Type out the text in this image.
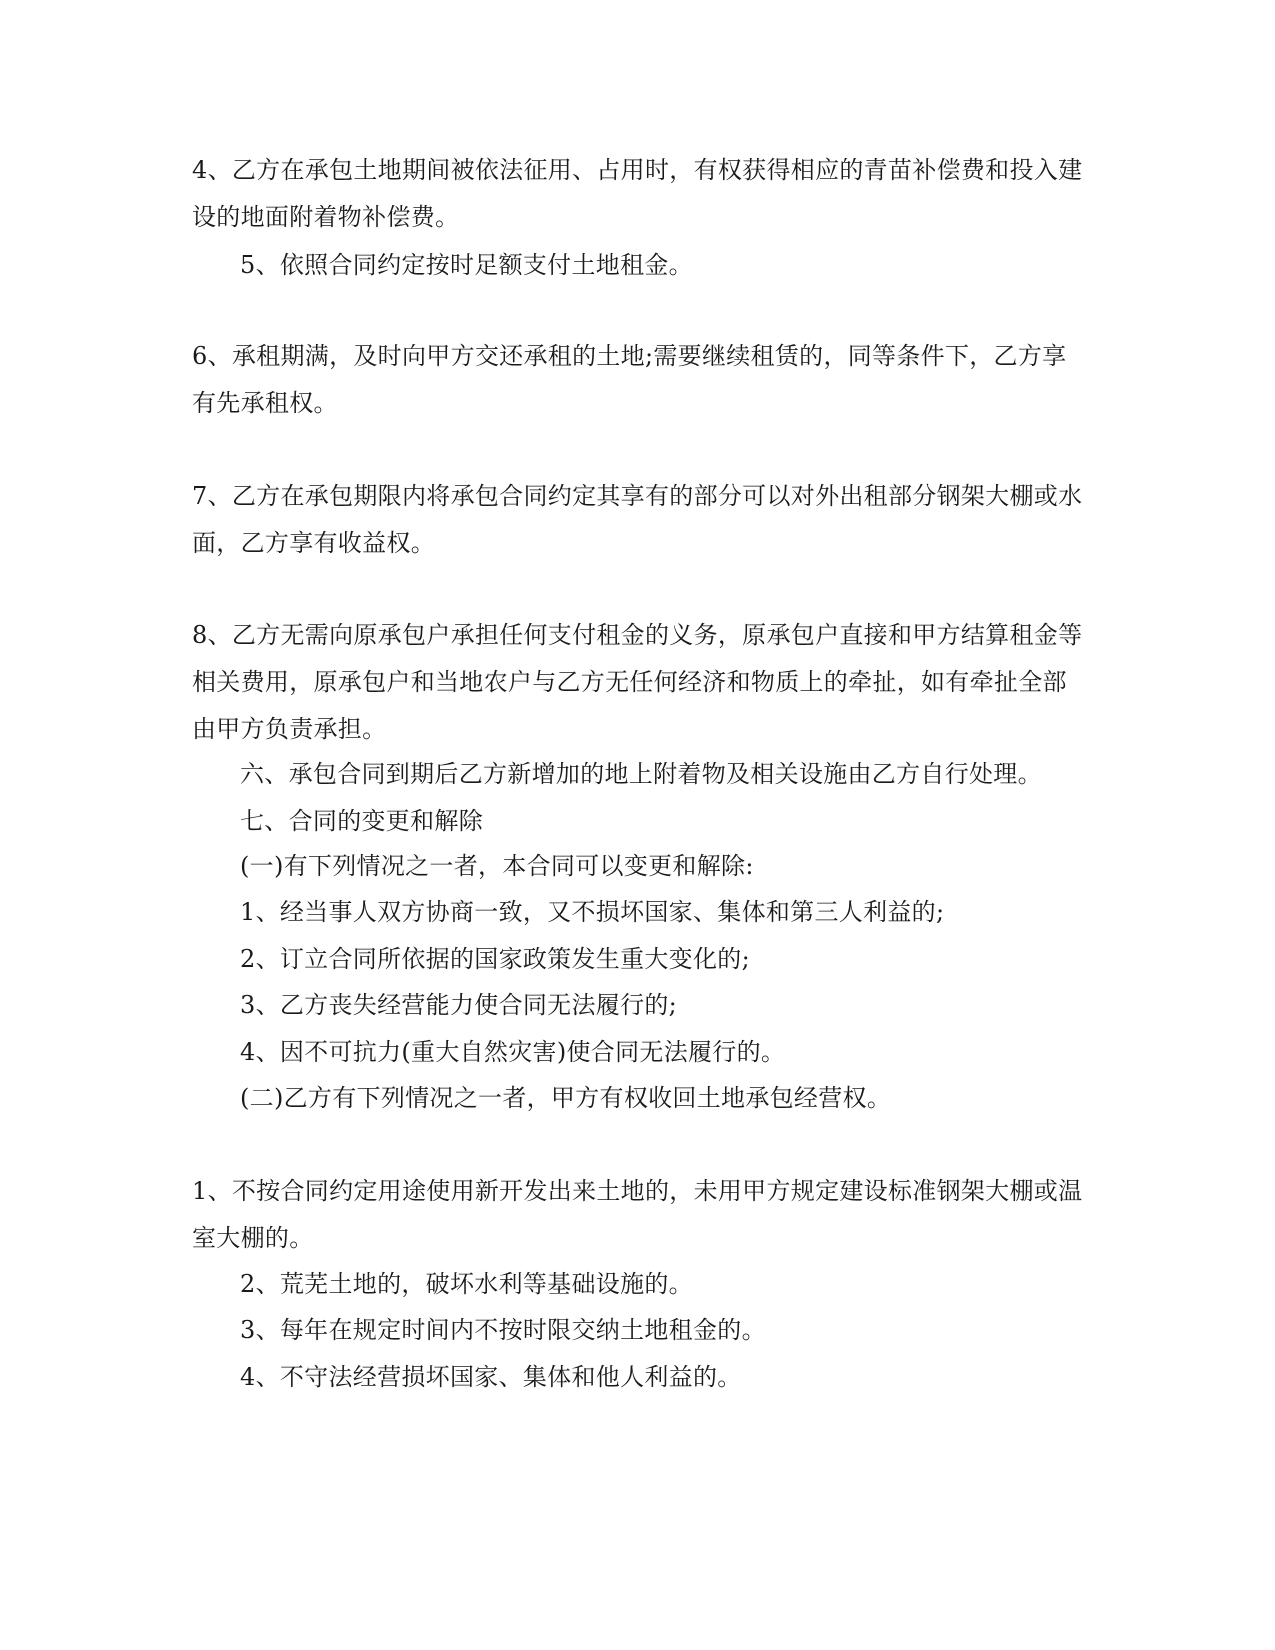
4、乙方在承包土地期间被依法征用、占用时，有权获得相应的青苗补偿费和投入建设的地面附着物补偿费。

5、依照合同约定按时足额支付土地租金。

6、承租期满，及时向甲方交还承租的土地;需要继续租赁的，同等条件下，乙方享有先承租权。

7、乙方在承包期限内将承包合同约定其享有的部分可以对外出租部分钢架大棚或水面，乙方享有收益权。

8、乙方无需向原承包户承担任何支付租金的义务，原承包户直接和甲方结算租金等相关费用，原承包户和当地农户与乙方无任何经济和物质上的牵扯，如有牵扯全部由甲方负责承担。

六、承包合同到期后乙方新增加的地上附着物及相关设施由乙方自行处理。

七、合同的变更和解除

(一)有下列情况之一者，本合同可以变更和解除:

1、经当事人双方协商一致，又不损坏国家、集体和第三人利益的;

2、订立合同所依据的国家政策发生重大变化的;

3、乙方丧失经营能力使合同无法履行的;

4、因不可抗力(重大自然灾害)使合同无法履行的。

(二)乙方有下列情况之一者，甲方有权收回土地承包经营权。

1、不按合同约定用途使用新开发出来土地的，未用甲方规定建设标准钢架大棚或温室大棚的。

2、荒芜土地的，破坏水利等基础设施的。

3、每年在规定时间内不按时限交纳土地租金的。

4、不守法经营损坏国家、集体和他人利益的。
